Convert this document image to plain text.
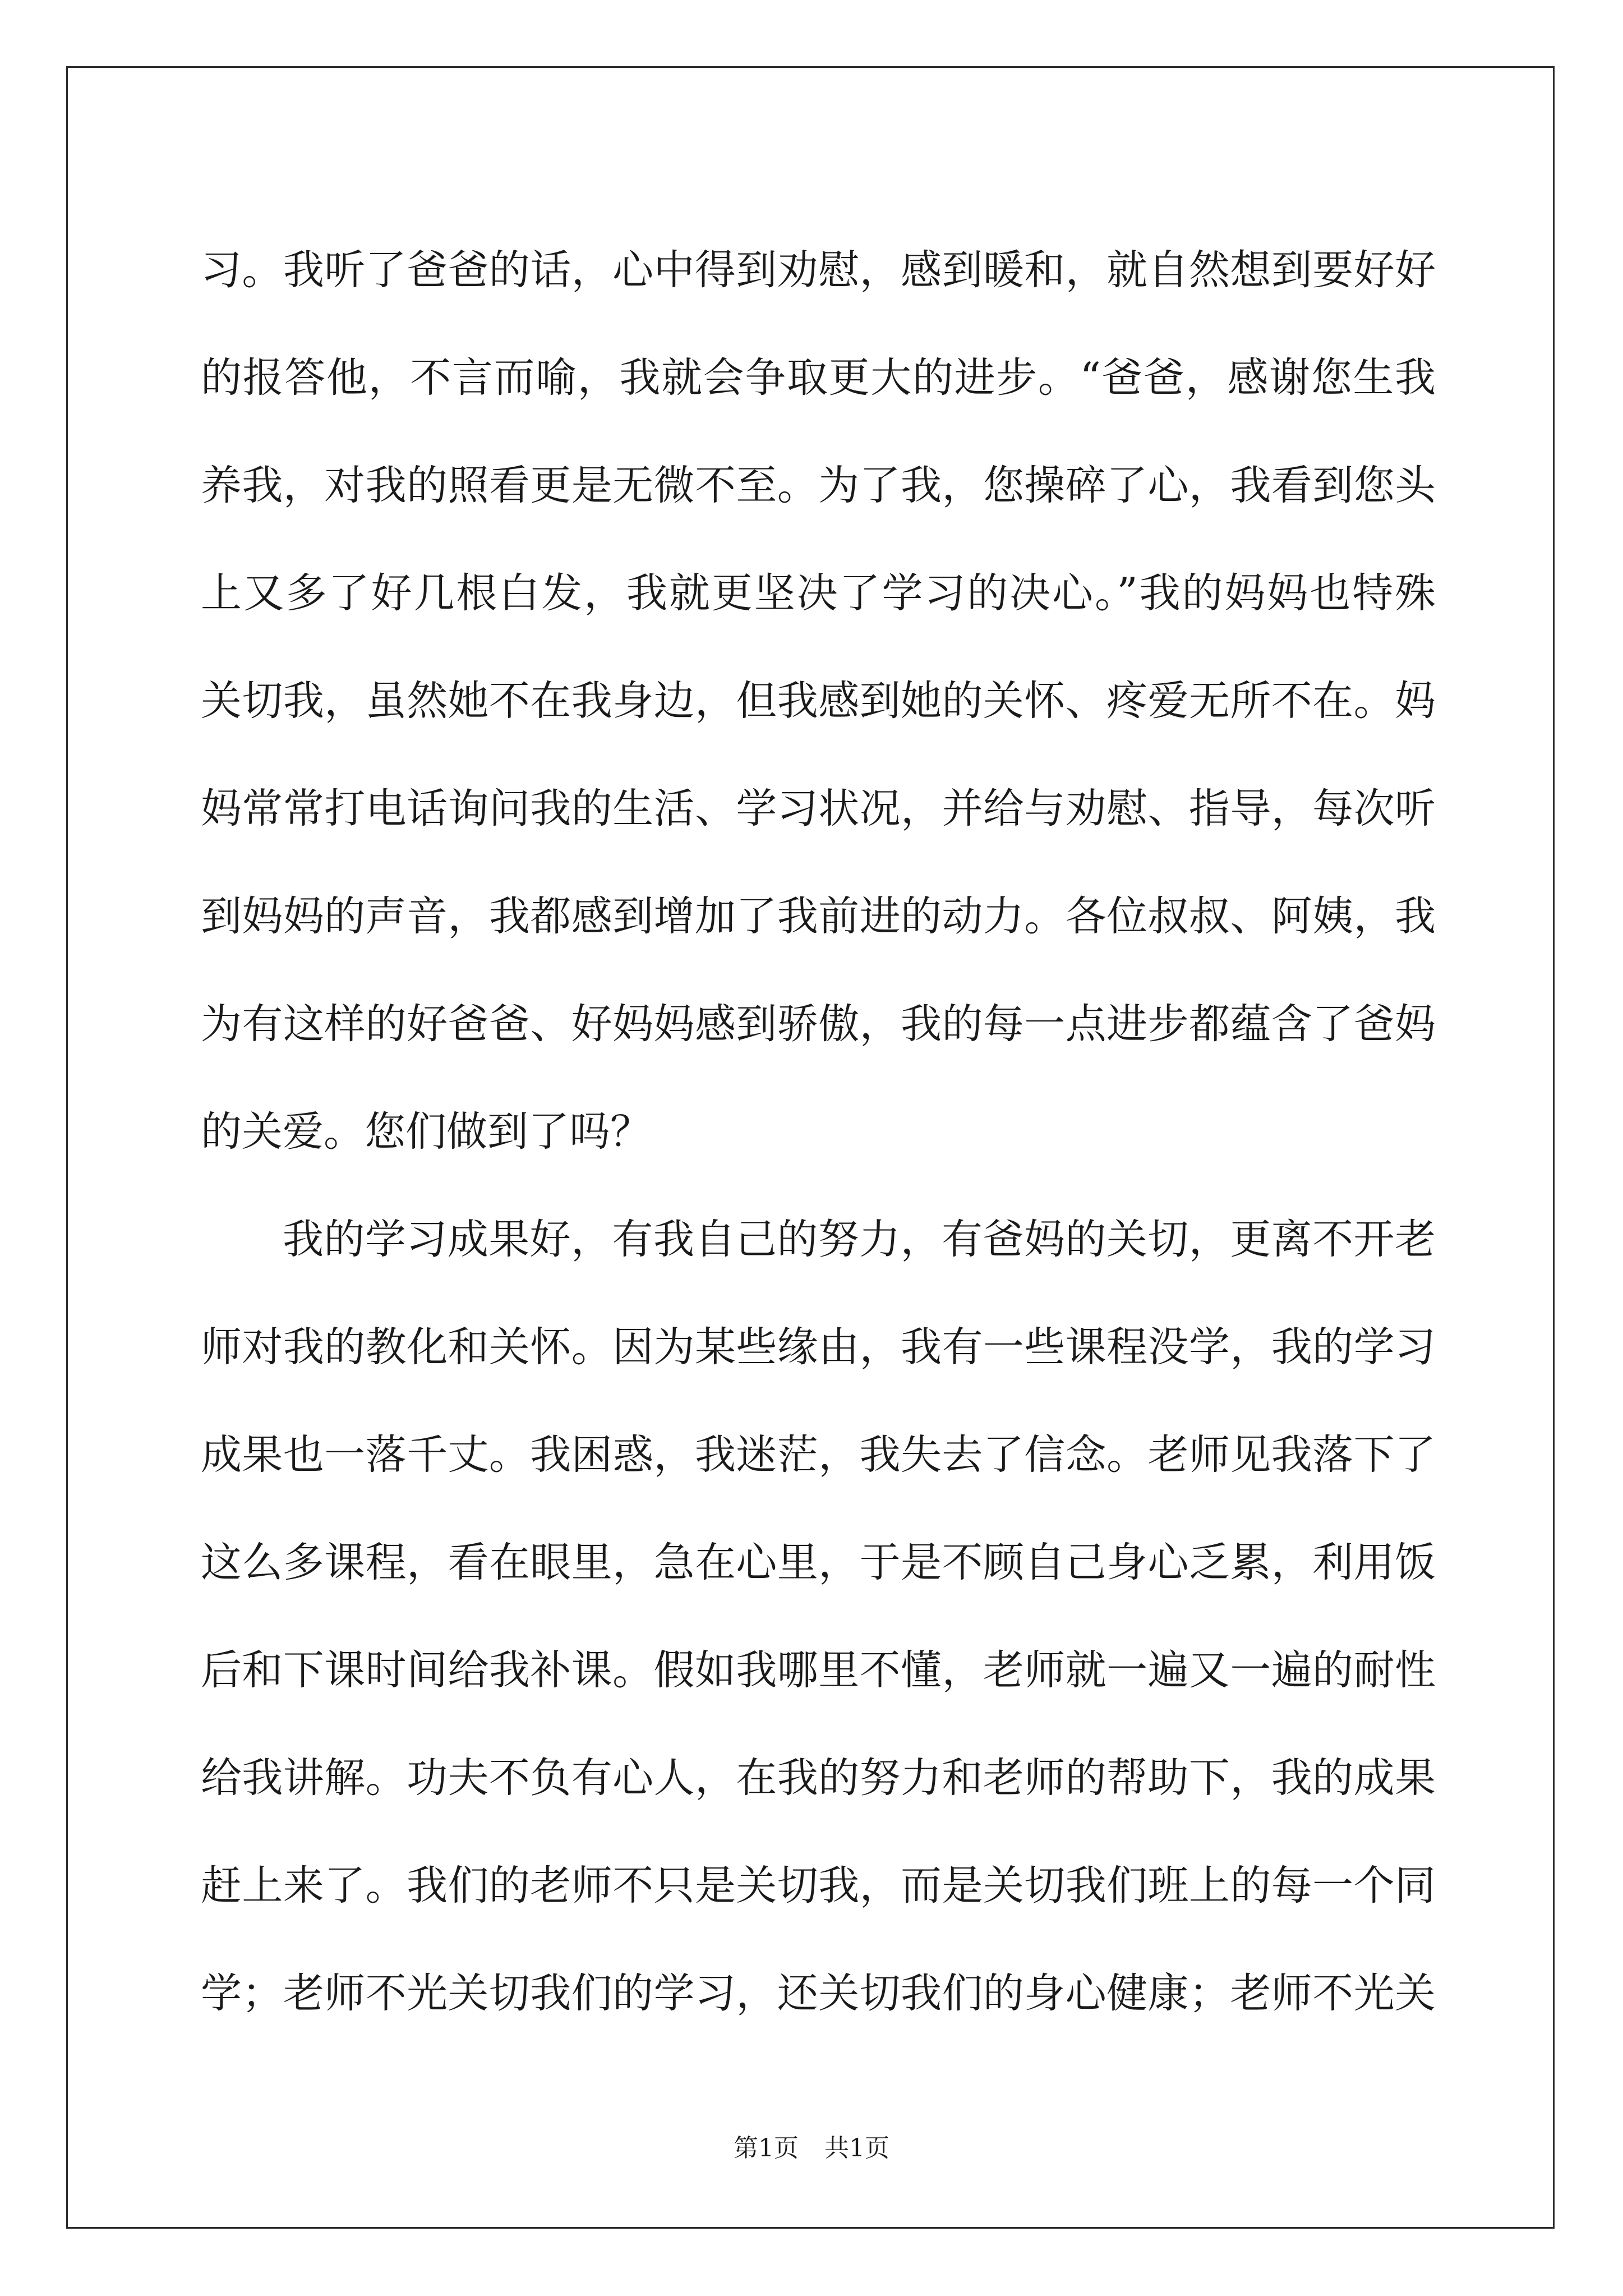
习。我听了爸爸的话，心中得到劝慰，感到暖和，就自然想到要好好
的报答他，不言而喻，我就会争取更大的进步。“爸爸，感谢您生我
养我，对我的照看更是无微不至。为了我，您操碎了心，我看到您头
上又多了好几根白发，我就更坚决了学习的决心。”我的妈妈也特殊
关切我，虽然她不在我身边，但我感到她的关怀、疼爱无所不在。妈
妈常常打电话询问我的生活、学习状况，并给与劝慰、指导，每次听
到妈妈的声音，我都感到增加了我前进的动力。各位叔叔、阿姨，我
为有这样的好爸爸、好妈妈感到骄傲，我的每一点进步都蕴含了爸妈
的关爱。您们做到了吗？
我的学习成果好，有我自己的努力，有爸妈的关切，更离不开老
师对我的教化和关怀。因为某些缘由，我有一些课程没学，我的学习
成果也一落千丈。我困惑，我迷茫，我失去了信念。老师见我落下了
这么多课程，看在眼里，急在心里，于是不顾自己身心乏累，利用饭
后和下课时间给我补课。假如我哪里不懂，老师就一遍又一遍的耐性
给我讲解。功夫不负有心人，在我的努力和老师的帮助下，我的成果
赶上来了。我们的老师不只是关切我，而是关切我们班上的每一个同
学；老师不光关切我们的学习，还关切我们的身心健康；老师不光关
第1页 共1页
